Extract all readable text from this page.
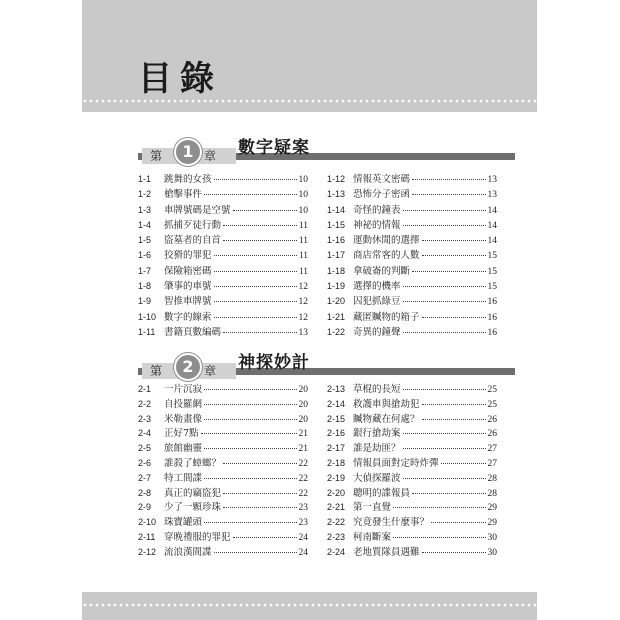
目錄
第	1 章 數字疑案
1-1	跳舞的女孩	10
1-2	槍擊事件	10
1-3	車牌號碼是空號	10
1-4	抓捕歹徒行動	11
1-5	盜墓者的自首	11
1-6	狡猾的罪犯	11
1-7	保險箱密碼	11
1-8	肇事的車號	12
1-9	智推車牌號	12
1-10 數字的線索	12
1-11 書籍頁數編碼	13
1-12 情報英文密碼	13
1-13 恐怖分子密函	13
1-14 奇怪的鐘表	14
1-15 神祕的情報	14
1-16 運動休閒的選擇	14
1-17 商店常客的人數	15
1-18 拿破崙的判斷	15
1-19 選擇的機率	15
1-20 囚犯抓綠豆	16
1-21 藏匿贓物的箱子	16
1-22 奇異的鐘聲	16
第	2 章 神探妙計
2-1	一片沉寂	20
2-2	自投羅網	20
2-3	米勒畫像	20
2-4	正好7點	21
2-5	旅館幽靈	21
2-6	誰殺了蟑螂？	22
2-7	特工間諜	22
2-8	真正的竊盜犯	22
2-9	少了一顆珍珠	23
2-10 珠寶罐頭	23
2-11 穿晚禮服的罪犯	24
2-12 流浪漢間諜	24
2-13 草棍的長短	25
2-14 救護車與搶劫犯	25
2-15 贓物藏在何處？	26
2-16 銀行搶劫案	26
2-17 誰是劫匪？	27
2-18 情報員面對定時炸彈	27
2-19 大偵探羅波	28
2-20 聰明的諜報員	28
2-21 第一直覺	29
2-22 究竟發生什麼事？	29
2-23 柯南斷案	30
2-24 老地質隊員遇難	30
